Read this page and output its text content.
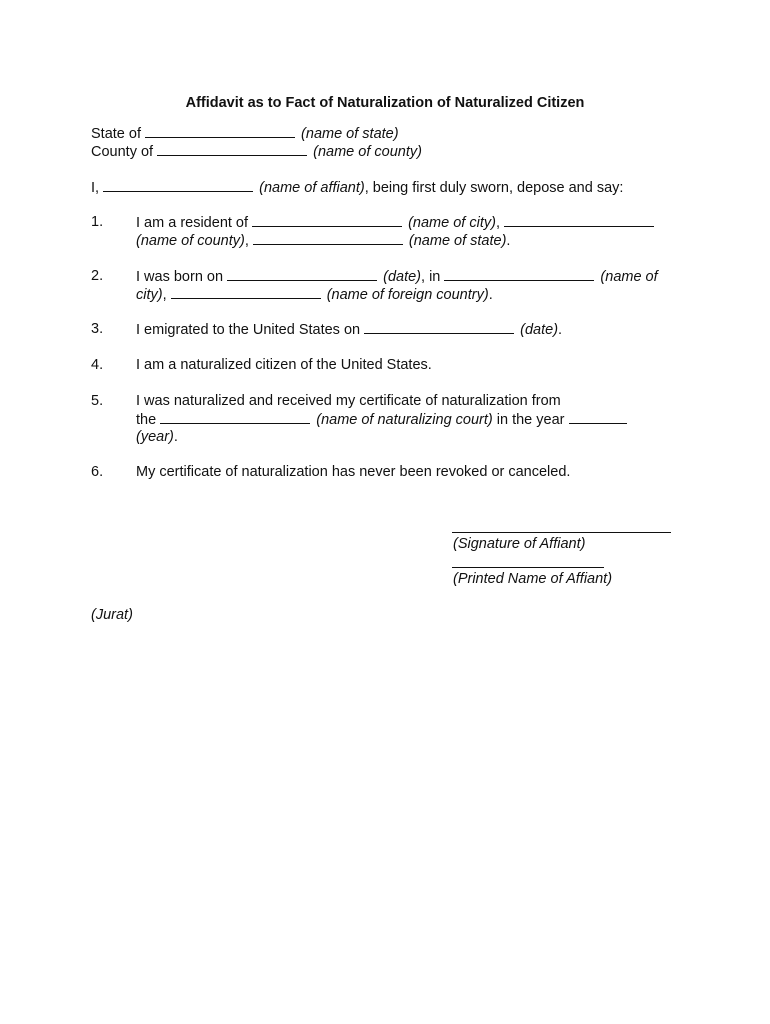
Affidavit as to Fact of Naturalization of Naturalized Citizen
State of	(name of state)
County of	(name of county)
I,	(name of affiant), being first duly sworn, depose and say:
1. I am a resident of	(name of city),
(name of county),	(name of state).
2. I was born on	(date), in	(name of
city),	(name of foreign country).
3. I emigrated to the United States on	(date).
4. I am a naturalized citizen of the United States.
5. I was naturalized and received my certificate of naturalization from
the	(name of naturalizing court) in the year
(year).
6. My certificate of naturalization has never been revoked or canceled.
(Signature of Affiant)
(Printed Name of Affiant)
(Jurat)
